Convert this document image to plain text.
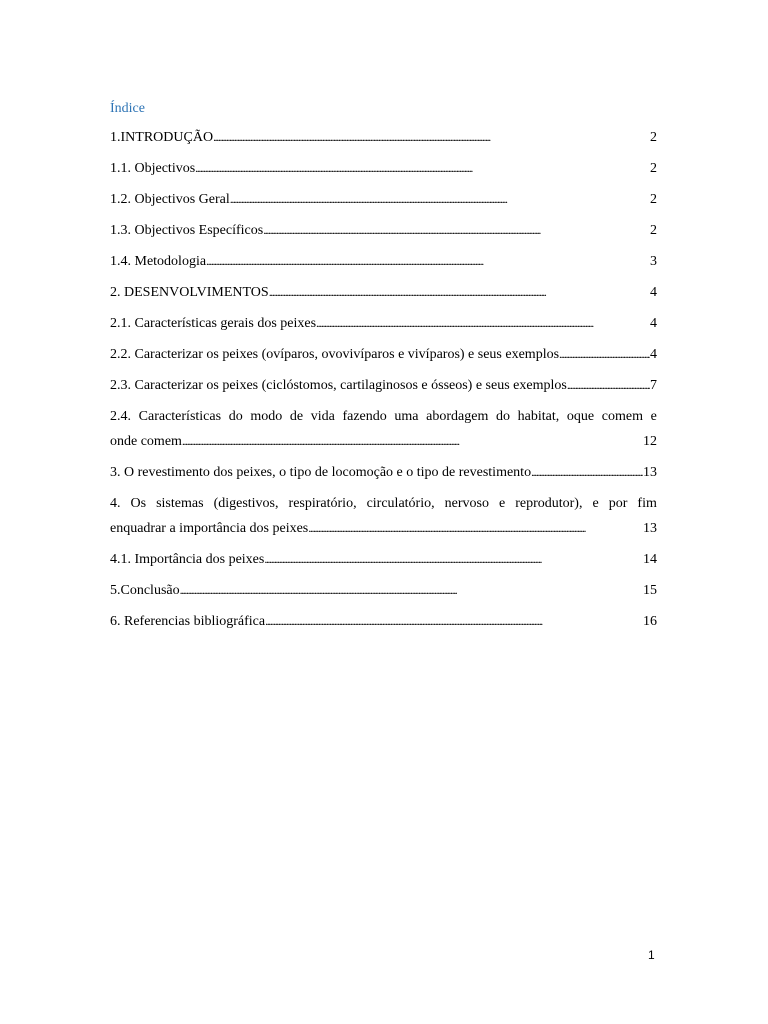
Índice
1.INTRODUÇÃO . . .	2
1.1. Objectivos . . .	2
1.2. Objectivos Geral . . .	2
1.3. Objectivos Específicos . . .	2
1.4. Metodologia . . .	3
2. DESENVOLVIMENTOS . . .	4
2.1. Características gerais dos peixes . . .	4
2.2. Caracterizar os peixes (ovíparos, ovovivíparos e vivíparos) e seus exemplos . . .	4
2.3. Caracterizar os peixes (ciclóstomos, cartilaginosos e ósseos) e seus exemplos . . .	7
2.4. Características do modo de vida fazendo uma abordagem do habitat, oque comem e
onde comem . . .	12
3. O revestimento dos peixes, o tipo de locomoção e o tipo de revestimento . . .	13
4. Os sistemas (digestivos, respiratório, circulatório, nervoso e reprodutor), e por fim
enquadrar a importância dos peixes . . .	13
4.1. Importância dos peixes . . .	14
5.Conclusão . . .	15
6. Referencias bibliográfica . . .	16
1
